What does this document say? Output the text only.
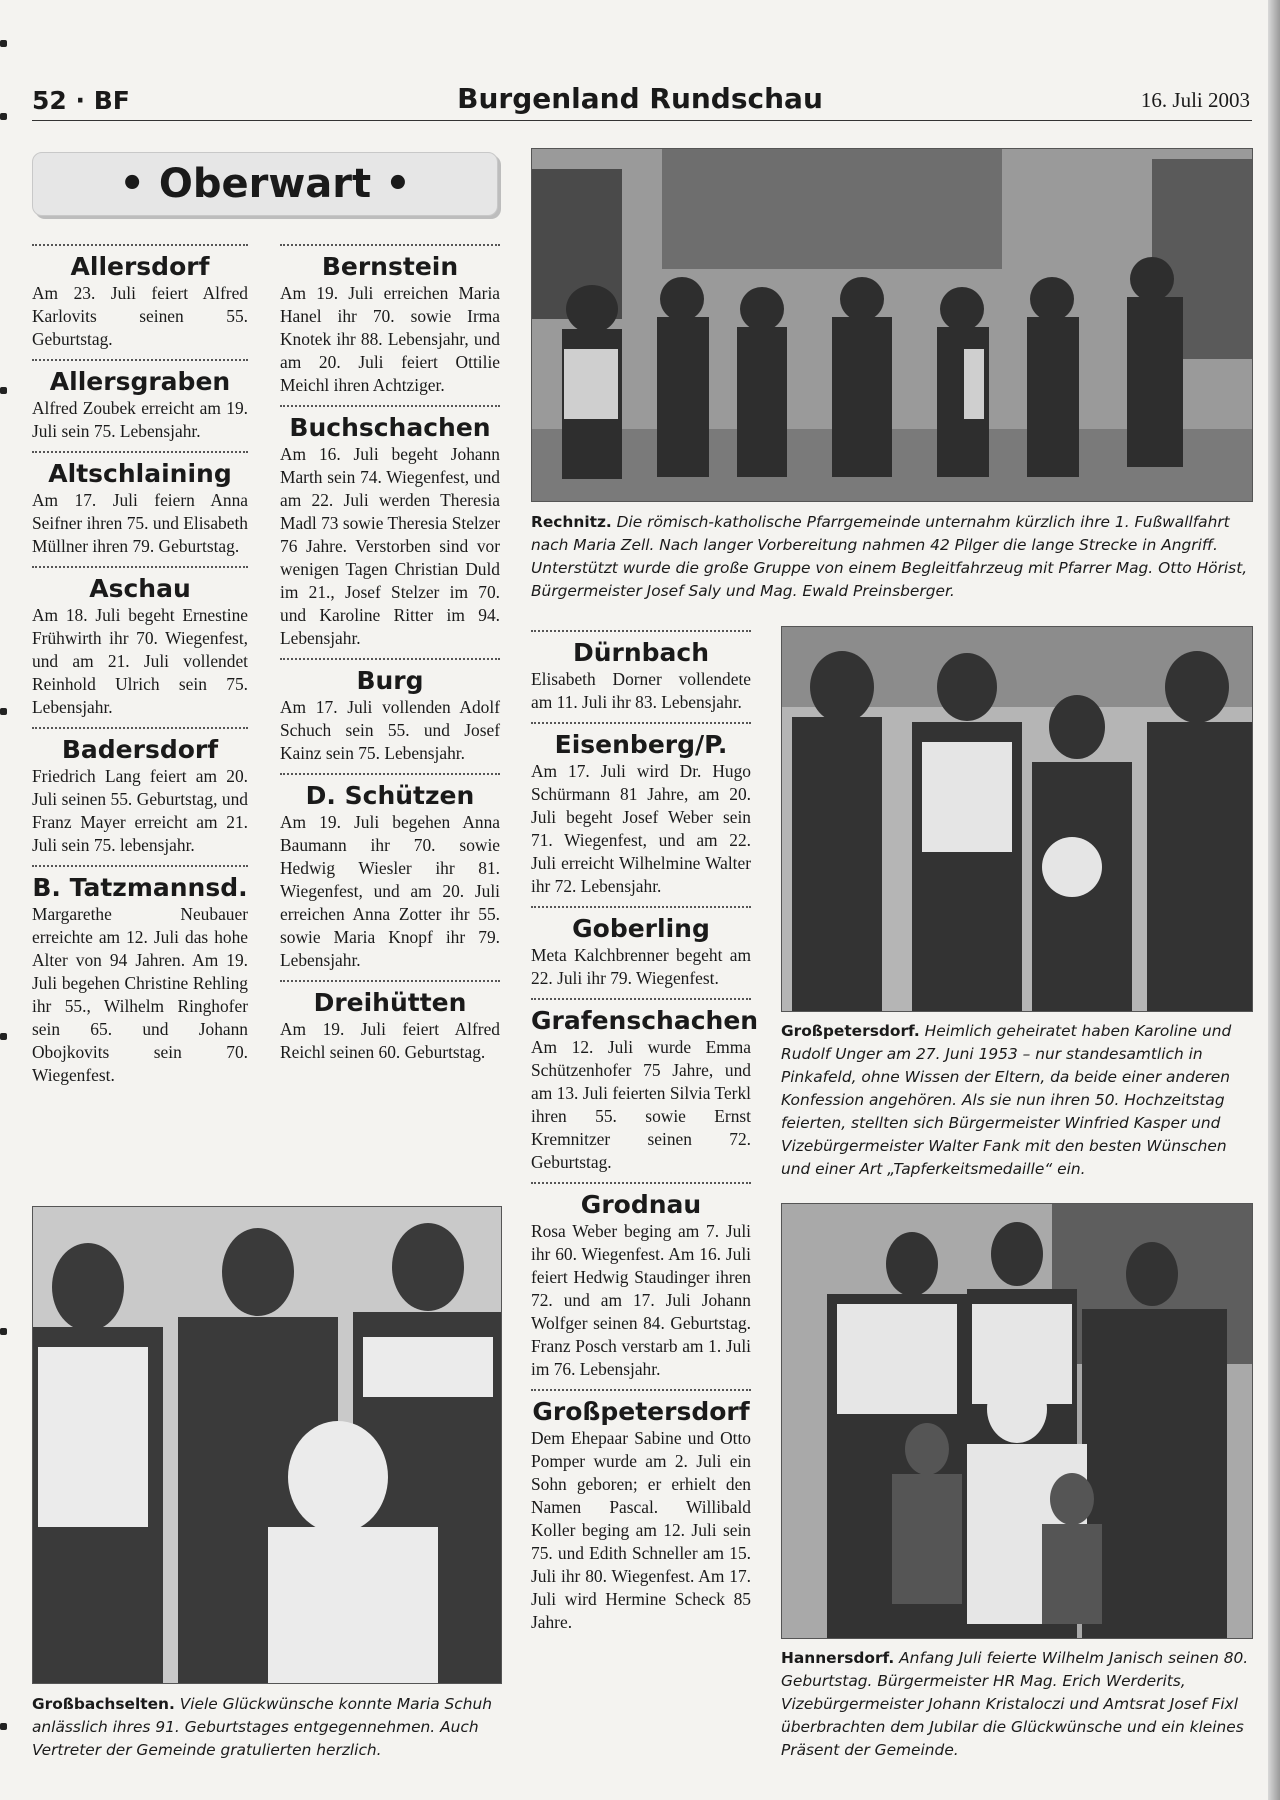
52 · BF	Burgenland Rundschau	16. Juli 2003
• Oberwart •
Allersdorf

Am 23. Juli feiert Alfred Karlovits seinen 55. Geburtstag.

Allersgraben

Alfred Zoubek erreicht am 19. Juli sein 75. Lebensjahr.

Altschlaining

Am 17. Juli feiern Anna Seifner ihren 75. und Elisabeth Müllner ihren 79. Geburtstag.

Aschau

Am 18. Juli begeht Ernestine Frühwirth ihr 70. Wiegenfest, und am 21. Juli vollendet Reinhold Ulrich sein 75. Lebensjahr.

Badersdorf

Friedrich Lang feiert am 20. Juli seinen 55. Geburtstag, und Franz Mayer erreicht am 21. Juli sein 75. lebensjahr.

B. Tatzmannsd.

Margarethe Neubauer erreichte am 12. Juli das hohe Alter von 94 Jahren. Am 19. Juli begehen Christine Rehling ihr 55., Wilhelm Ringhofer sein 65. und Johann Obojkovits sein 70. Wiegenfest.

Bernstein

Am 19. Juli erreichen Maria Hanel ihr 70. sowie Irma Knotek ihr 88. Lebensjahr, und am 20. Juli feiert Ottilie Meichl ihren Achtziger.

Buchschachen

Am 16. Juli begeht Johann Marth sein 74. Wiegenfest, und am 22. Juli werden Theresia Madl 73 sowie Theresia Stelzer 76 Jahre. Verstorben sind vor wenigen Tagen Christian Duld im 21., Josef Stelzer im 70. und Karoline Ritter im 94. Lebensjahr.

Burg

Am 17. Juli vollenden Adolf Schuch sein 55. und Josef Kainz sein 75. Lebensjahr.

D. Schützen

Am 19. Juli begehen Anna Baumann ihr 70. sowie Hedwig Wiesler ihr 81. Wiegenfest, und am 20. Juli erreichen Anna Zotter ihr 55. sowie Maria Knopf ihr 79. Lebensjahr.

Dreihütten

Am 19. Juli feiert Alfred Reichl seinen 60. Geburtstag.

Dürnbach

Elisabeth Dorner vollendete am 11. Juli ihr 83. Lebensjahr.

Eisenberg/P.

Am 17. Juli wird Dr. Hugo Schürmann 81 Jahre, am 20. Juli begeht Josef Weber sein 71. Wiegenfest, und am 22. Juli erreicht Wilhelmine Walter ihr 72. Lebensjahr.

Goberling

Meta Kalchbrenner begeht am 22. Juli ihr 79. Wiegenfest.

Grafenschachen

Am 12. Juli wurde Emma Schützenhofer 75 Jahre, und am 13. Juli feierten Silvia Terkl ihren 55. sowie Ernst Kremnitzer seinen 72. Geburtstag.

Grodnau

Rosa Weber beging am 7. Juli ihr 60. Wiegenfest. Am 16. Juli feiert Hedwig Staudinger ihren 72. und am 17. Juli Johann Wolfger seinen 84. Geburtstag. Franz Posch verstarb am 1. Juli im 76. Lebensjahr.

Großpetersdorf

Dem Ehepaar Sabine und Otto Pomper wurde am 2. Juli ein Sohn geboren; er erhielt den Namen Pascal. Willibald Koller beging am 12. Juli sein 75. und Edith Schneller am 15. Juli ihr 80. Wiegenfest. Am 17. Juli wird Hermine Scheck 85 Jahre.

Rechnitz. Die römisch-katholische Pfarrgemeinde unternahm kürzlich ihre 1. Fußwallfahrt nach Maria Zell. Nach langer Vorbereitung nahmen 42 Pilger die lange Strecke in Angriff. Unterstützt wurde die große Gruppe von einem Begleitfahrzeug mit Pfarrer Mag. Otto Hörist, Bürgermeister Josef Saly und Mag. Ewald Preinsberger.
Großpetersdorf. Heimlich geheiratet haben Karoline und Rudolf Unger am 27. Juni 1953 – nur standesamtlich in Pinkafeld, ohne Wissen der Eltern, da beide einer anderen Konfession angehören. Als sie nun ihren 50. Hochzeitstag feierten, stellten sich Bürgermeister Winfried Kasper und Vizebürgermeister Walter Fank mit den besten Wünschen und einer Art „Tapferkeitsmedaille“ ein.
Großbachselten. Viele Glückwünsche konnte Maria Schuh anlässlich ihres 91. Geburtstages entgegennehmen. Auch Vertreter der Gemeinde gratulierten herzlich.
Hannersdorf. Anfang Juli feierte Wilhelm Janisch seinen 80. Geburtstag. Bürgermeister HR Mag. Erich Werderits, Vizebürgermeister Johann Kristaloczi und Amtsrat Josef Fixl überbrachten dem Jubilar die Glückwünsche und ein kleines Präsent der Gemeinde.
